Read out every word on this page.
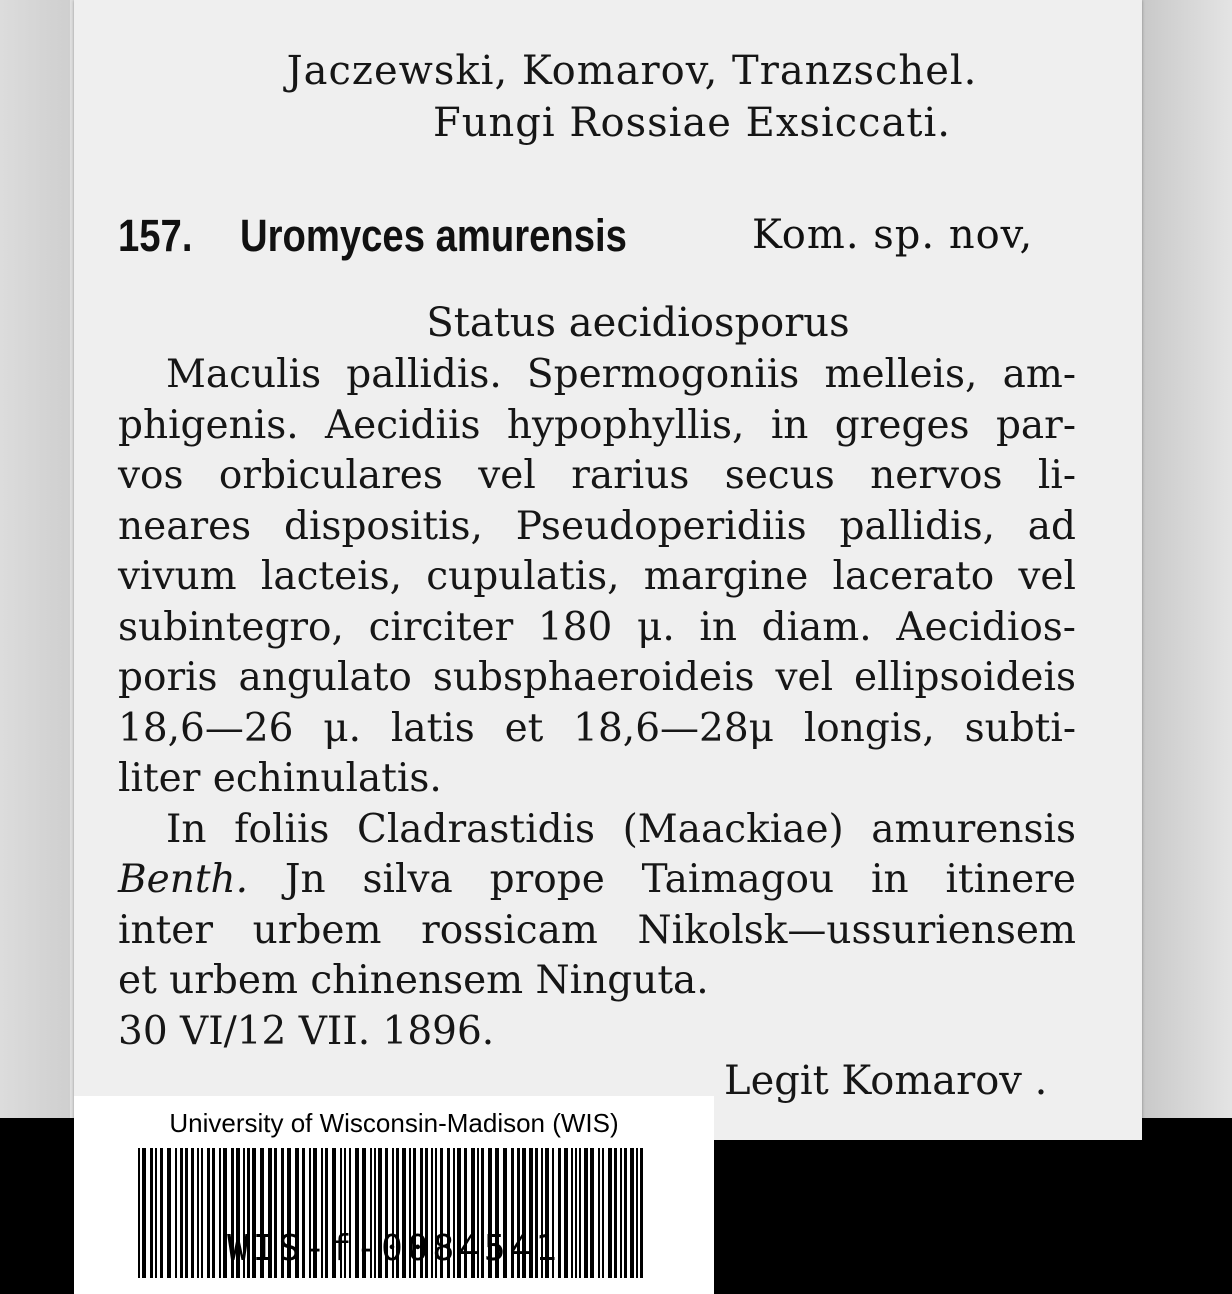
Jaczewski, Komarov, Tranzschel.
Fungi Rossiae Exsiccati.
157. Uromyces amurensis	Kom. sp. nov,
Status aecidiosporus
Maculis pallidis. Spermogoniis melleis, am-
phigenis. Aecidiis hypophyllis, in greges par-
vos orbiculares vel rarius secus nervos li-
neares dispositis, Pseudoperidiis pallidis, ad
vivum lacteis, cupulatis, margine lacerato vel
subintegro, circiter 180 μ. in diam. Aecidios-
poris angulato subsphaeroideis vel ellipsoideis
18,6—26 μ. latis et 18,6—28μ longis, subti-
liter echinulatis.
In foliis Cladrastidis (Maackiae) amurensis
Benth. Jn silva prope Taimagou in itinere
inter urbem rossicam Nikolsk—ussuriensem
et urbem chinensem Ninguta.
30 VI/12 VII. 1896.
Legit Komarov .
University of Wisconsin-Madison (WIS)
WIS-f-0084541
